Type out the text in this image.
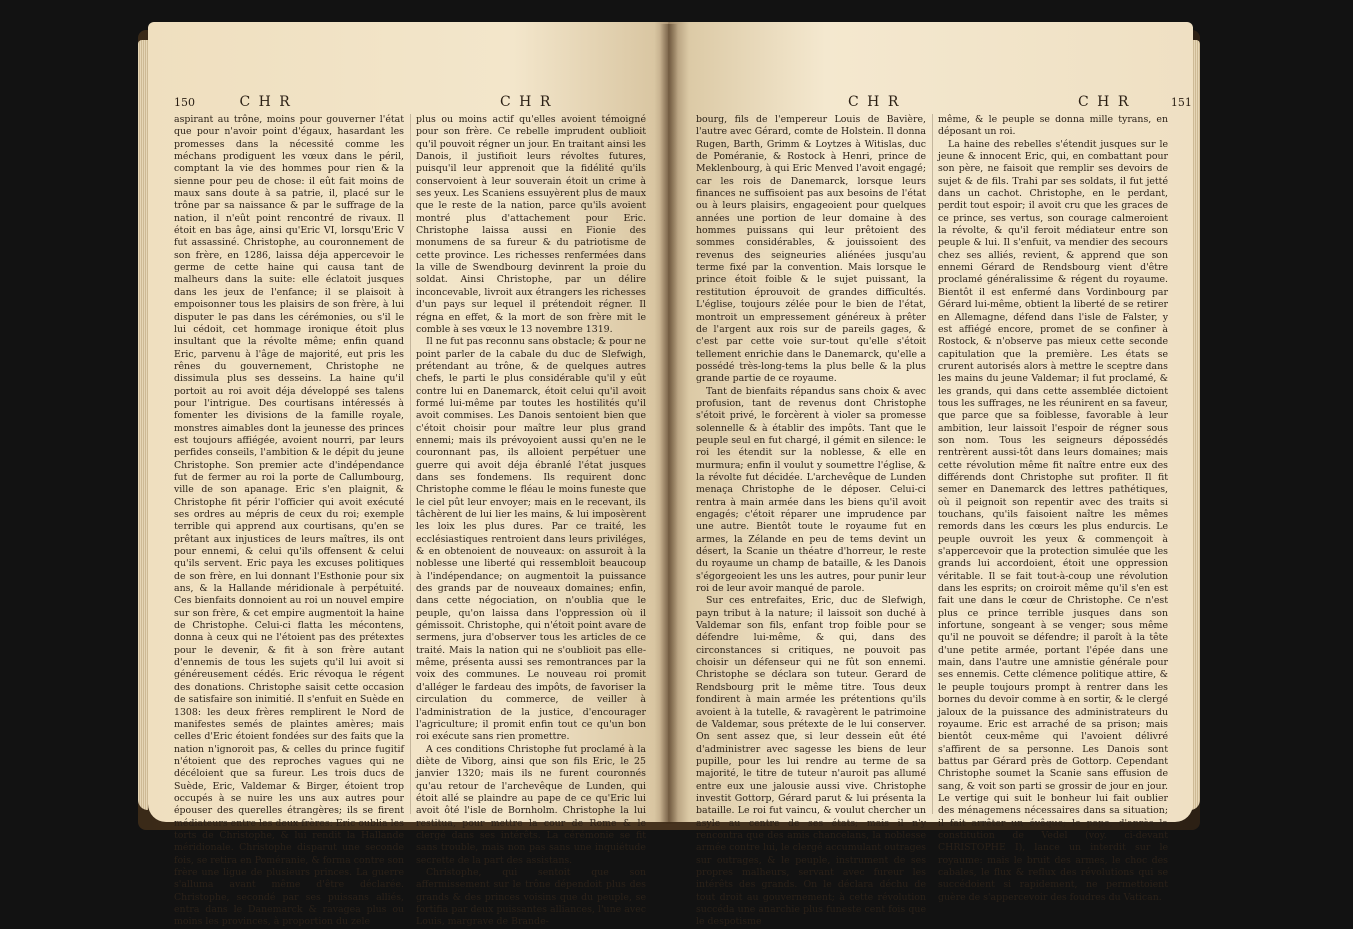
150	C H R	C H R

aspirant au trône, moins pour gouverner l'état que pour n'avoir point d'égaux, hasardant les promesses dans la nécessité comme les méchans prodiguent les vœux dans le péril, comptant la vie des hommes pour rien & la sienne pour peu de chose: il eût fait moins de maux sans doute à sa patrie, il, placé sur le trône par sa naissance & par le suffrage de la nation, il n'eût point rencontré de rivaux. Il étoit en bas âge, ainsi qu'Eric VI, lorsqu'Eric V fut assassiné. Christophe, au couronnement de son frère, en 1286, laissa déja appercevoir le germe de cette haine qui causa tant de malheurs dans la suite: elle éclatoit jusques dans les jeux de l'enfance; il se plaisoit à empoisonner tous les plaisirs de son frère, à lui disputer le pas dans les cérémonies, ou s'il le lui cédoit, cet hommage ironique étoit plus insultant que la révolte même; enfin quand Eric, parvenu à l'âge de majorité, eut pris les rênes du gouvernement, Christophe ne dissimula plus ses desseins. La haine qu'il portoit au roi avoit déja développé ses talens pour l'intrigue. Des courtisans intéressés à fomenter les divisions de la famille royale, monstres aimables dont la jeunesse des princes est toujours affiégée, avoient nourri, par leurs perfides conseils, l'ambition & le dépit du jeune Christophe. Son premier acte d'indépendance fut de fermer au roi la porte de Callumbourg, ville de son apanage. Eric s'en plaignit, & Christophe fit périr l'officier qui avoit exécuté ses ordres au mépris de ceux du roi; exemple terrible qui apprend aux courtisans, qu'en se prêtant aux injustices de leurs maîtres, ils ont pour ennemi, & celui qu'ils offensent & celui qu'ils servent. Eric paya les excuses politiques de son frère, en lui donnant l'Esthonie pour six ans, & la Hallande méridionale à perpétuité. Ces bienfaits donnoient au roi un nouvel empire sur son frère, & cet empire augmentoit la haine de Christophe. Celui-ci flatta les mécontens, donna à ceux qui ne l'étoient pas des prétextes pour le devenir, & fit à son frère autant d'ennemis de tous les sujets qu'il lui avoit si généreusement cédés. Eric révoqua le régent des donations. Christophe saisit cette occasion de satisfaire son inimitié. Il s'enfuit en Suède en 1308: les deux frères remplirent le Nord de manifestes semés de plaintes amères; mais celles d'Eric étoient fondées sur des faits que la nation n'ignoroit pas, & celles du prince fugitif n'étoient que des reproches vagues qui ne décéloient que sa fureur. Les trois ducs de Suède, Eric, Valdemar & Birger, étoient trop occupés à se nuire les uns aux autres pour épouser des querelles étrangères; ils se firent médiateurs entre les deux frères: Eric oublia les torts de Christophe, & lui rendit la Hallande méridionale. Christophe disparut une seconde fois, se retira en Poméranie, & forma contre son frère une ligue de plusieurs princes. La guerre s'alluma avant même d'être déclarée. Christophe, secondé par ses puissans alliés, entra dans le Danemarck & ravagea plus ou moins les provinces, à proportion du zele

plus ou moins actif qu'elles avoient témoigné pour son frère. Ce rebelle imprudent oublioit qu'il pouvoit régner un jour. En traitant ainsi les Danois, il justifioit leurs révoltes futures, puisqu'il leur apprenoit que la fidélité qu'ils conservoient à leur souverain étoit un crime à ses yeux. Les Scaniens essuyèrent plus de maux que le reste de la nation, parce qu'ils avoient montré plus d'attachement pour Eric. Christophe laissa aussi en Fionie des monumens de sa fureur & du patriotisme de cette province. Les richesses renfermées dans la ville de Swendbourg devinrent la proie du soldat. Ainsi Christophe, par un délire inconcevable, livroit aux étrangers les richesses d'un pays sur lequel il prétendoit régner. Il régna en effet, & la mort de son frère mit le comble à ses vœux le 13 novembre 1319.

Il ne fut pas reconnu sans obstacle; & pour ne point parler de la cabale du duc de Slefwigh, prétendant au trône, & de quelques autres chefs, le parti le plus considérable qu'il y eût contre lui en Danemarck, étoit celui qu'il avoit formé lui-même par toutes les hostilités qu'il avoit commises. Les Danois sentoient bien que c'étoit choisir pour maître leur plus grand ennemi; mais ils prévoyoient aussi qu'en ne le couronnant pas, ils alloient perpétuer une guerre qui avoit déja ébranlé l'état jusques dans ses fondemens. Ils requirent donc Christophe comme le fléau le moins funeste que le ciel pût leur envoyer; mais en le recevant, ils tâchèrent de lui lier les mains, & lui imposèrent les loix les plus dures. Par ce traité, les ecclésiastiques rentroient dans leurs priviléges, & en obtenoient de nouveaux: on assuroit à la noblesse une liberté qui ressembloit beaucoup à l'indépendance; on augmentoit la puissance des grands par de nouveaux domaines; enfin, dans cette négociation, on n'oublia que le peuple, qu'on laissa dans l'oppression où il gémissoit. Christophe, qui n'étoit point avare de sermens, jura d'observer tous les articles de ce traité. Mais la nation qui ne s'oublioit pas elle-même, présenta aussi ses remontrances par la voix des communes. Le nouveau roi promit d'alléger le fardeau des impôts, de favoriser la circulation du commerce, de veiller à l'administration de la justice, d'encourager l'agriculture; il promit enfin tout ce qu'un bon roi exécute sans rien promettre.

A ces conditions Christophe fut proclamé à la diète de Viborg, ainsi que son fils Eric, le 25 janvier 1320; mais ils ne furent couronnés qu'au retour de l'archevêque de Lunden, qui étoit allé se plaindre au pape de ce qu'Eric lui avoit ôté l'isle de Bornholm. Christophe la lui restitua, pour mettre la cour de Rome & le clergé dans ses intérêts. La cérémonie se fit sans trouble, mais non pas sans une inquiétude secrette de la part des assistans.

Christophe, qui sentoit que son affermissement sur le trône dépendoit plus des grands & des princes voisins que du peuple, se fortifia par deux puissantes alliances, l'une avec Louis, margrave de Brande-

C H R	C H R	151

bourg, fils de l'empereur Louis de Bavière, l'autre avec Gérard, comte de Holstein. Il donna Rugen, Barth, Grimm & Loytzes à Witislas, duc de Poméranie, & Rostock à Henri, prince de Meklenbourg, à qui Eric Menved l'avoit engagé; car les rois de Danemarck, lorsque leurs finances ne suffisoient pas aux besoins de l'état ou à leurs plaisirs, engageoient pour quelques années une portion de leur domaine à des hommes puissans qui leur prêtoient des sommes considérables, & jouissoient des revenus des seigneuries aliénées jusqu'au terme fixé par la convention. Mais lorsque le prince étoit foible & le sujet puissant, la restitution éprouvoit de grandes difficultés. L'église, toujours zélée pour le bien de l'état, montroit un empressement généreux à prêter de l'argent aux rois sur de pareils gages, & c'est par cette voie sur-tout qu'elle s'étoit tellement enrichie dans le Danemarck, qu'elle a possédé très-long-tems la plus belle & la plus grande partie de ce royaume.

Tant de bienfaits répandus sans choix & avec profusion, tant de revenus dont Christophe s'étoit privé, le forcèrent à violer sa promesse solennelle & à établir des impôts. Tant que le peuple seul en fut chargé, il gémit en silence: le roi les étendit sur la noblesse, & elle en murmura; enfin il voulut y soumettre l'église, & la révolte fut décidée. L'archevêque de Lunden menaça Christophe de le déposer. Celui-ci rentra à main armée dans les biens qu'il avoit engagés; c'étoit réparer une imprudence par une autre. Bientôt toute le royaume fut en armes, la Zélande en peu de tems devint un désert, la Scanie un théatre d'horreur, le reste du royaume un champ de bataille, & les Danois s'égorgeoient les uns les autres, pour punir leur roi de leur avoir manqué de parole.

Sur ces entrefaites, Eric, duc de Slefwigh, payn tribut à la nature; il laissoit son duché à Valdemar son fils, enfant trop foible pour se défendre lui-même, & qui, dans des circonstances si critiques, ne pouvoit pas choisir un défenseur qui ne fût son ennemi. Christophe se déclara son tuteur. Gerard de Rendsbourg prit le même titre. Tous deux fondirent à main armée les prétentions qu'ils avoient à la tutelle, & ravagèrent le patrimoine de Valdemar, sous prétexte de le lui conserver. On sent assez que, si leur dessein eût été d'administrer avec sagesse les biens de leur pupille, pour les lui rendre au terme de sa majorité, le titre de tuteur n'auroit pas allumé entre eux une jalousie aussi vive. Christophe investit Gottorp, Gérard parut & lui présenta la bataille. Le roi fut vaincu, & voulut chercher un asyle au centre de ses états; mais il n'y rencontra que des amis chancelans, la noblesse armée contre lui, le clergé accumulant outrages sur outrages, & le peuple, instrument de ses propres malheurs, servant avec fureur les intérêts des grands. On le déclara déchu de tout droit au gouvernement; à cette révolution succéda une anarchie plus funeste cent fois que le despotisme

même, & le peuple se donna mille tyrans, en déposant un roi.

La haine des rebelles s'étendit jusques sur le jeune & innocent Eric, qui, en combattant pour son père, ne faisoit que remplir ses devoirs de sujet & de fils. Trahi par ses soldats, il fut jetté dans un cachot. Christophe, en le perdant, perdit tout espoir; il avoit cru que les graces de ce prince, ses vertus, son courage calmeroient la révolte, & qu'il feroit médiateur entre son peuple & lui. Il s'enfuit, va mendier des secours chez ses alliés, revient, & apprend que son ennemi Gérard de Rendsbourg vient d'être proclamé généralissime & régent du royaume. Bientôt il est enfermé dans Vordinbourg par Gérard lui-même, obtient la liberté de se retirer en Allemagne, défend dans l'isle de Falster, y est affiégé encore, promet de se confiner à Rostock, & n'observe pas mieux cette seconde capitulation que la première. Les états se crurent autorisés alors à mettre le sceptre dans les mains du jeune Valdemar; il fut proclamé, & les grands, qui dans cette assemblée dictoient tous les suffrages, ne les réunirent en sa faveur, que parce que sa foiblesse, favorable à leur ambition, leur laissoit l'espoir de régner sous son nom. Tous les seigneurs dépossédés rentrèrent aussi-tôt dans leurs domaines; mais cette révolution même fit naître entre eux des différends dont Christophe sut profiter. Il fit semer en Danemarck des lettres pathétiques, où il peignoit son repentir avec des traits si touchans, qu'ils faisoient naître les mêmes remords dans les cœurs les plus endurcis. Le peuple ouvroit les yeux & commençoit à s'appercevoir que la protection simulée que les grands lui accordoient, étoit une oppression véritable. Il se fait tout-à-coup une révolution dans les esprits; on croiroit même qu'il s'en est fait une dans le cœur de Christophe. Ce n'est plus ce prince terrible jusques dans son infortune, songeant à se venger; sous même qu'il ne pouvoit se défendre; il paroît à la tête d'une petite armée, portant l'épée dans une main, dans l'autre une amnistie générale pour ses ennemis. Cette clémence politique attire, & le peuple toujours prompt à rentrer dans les bornes du devoir comme à en sortir, & le clergé jaloux de la puissance des administrateurs du royaume. Eric est arraché de sa prison; mais bientôt ceux-même qui l'avoient délivré s'affirent de sa personne. Les Danois sont battus par Gérard près de Gottorp. Cependant Christophe soumet la Scanie sans effusion de sang, & voit son parti se grossir de jour en jour. Le vertige qui suit le bonheur lui fait oublier des ménagemens nécessaires dans sa situation; il fait arrêter un évêque; le pape, d'après la constitution de Vedel (voy. ci-devant CHRISTOPHE I), lance un interdit sur le royaume: mais le bruit des armes, le choc des cabales, le flux & reflux des révolutions qui se succédoient si rapidement, ne permettoient guère de s'appercevoir des foudres du Vatican.
